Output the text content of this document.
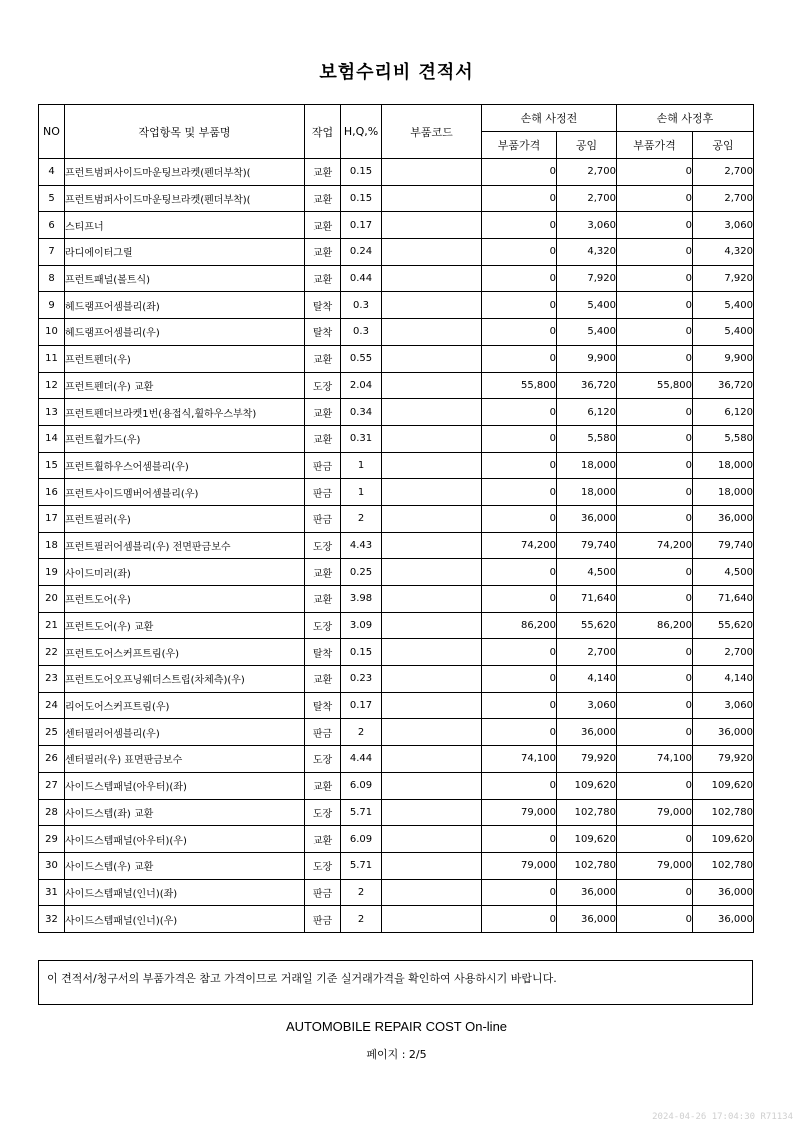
보험수리비 견적서
NO	작업항목 및 부품명	작업	H,Q,%	부품코드	손해 사정전		손해 사정후	
					부품가격	공임	부품가격	공임
4	프런트범퍼사이드마운팅브라켓(펜더부착)(	교환	0.15		0	2,700	0	2,700
5	프런트범퍼사이드마운팅브라켓(펜더부착)(	교환	0.15		0	2,700	0	2,700
6	스티프너	교환	0.17		0	3,060	0	3,060
7	라디에이터그릴	교환	0.24		0	4,320	0	4,320
8	프런트패널(볼트식)	교환	0.44		0	7,920	0	7,920
9	헤드램프어셈블리(좌)	탈착	0.3		0	5,400	0	5,400
10	헤드램프어셈블리(우)	탈착	0.3		0	5,400	0	5,400
11	프런트펜더(우)	교환	0.55		0	9,900	0	9,900
12	프런트펜더(우) 교환	도장	2.04		55,800	36,720	55,800	36,720
13	프런트펜더브라켓1번(용접식,휠하우스부착)	교환	0.34		0	6,120	0	6,120
14	프런트휠가드(우)	교환	0.31		0	5,580	0	5,580
15	프런트휠하우스어셈블리(우)	판금	1		0	18,000	0	18,000
16	프런트사이드멤버어셈블리(우)	판금	1		0	18,000	0	18,000
17	프런트필러(우)	판금	2		0	36,000	0	36,000
18	프런트필러어셈블리(우) 전면판금보수	도장	4.43		74,200	79,740	74,200	79,740
19	사이드미러(좌)	교환	0.25		0	4,500	0	4,500
20	프런트도어(우)	교환	3.98		0	71,640	0	71,640
21	프런트도어(우) 교환	도장	3.09		86,200	55,620	86,200	55,620
22	프런트도어스커프트림(우)	탈착	0.15		0	2,700	0	2,700
23	프런트도어오프닝웨더스트립(차체측)(우)	교환	0.23		0	4,140	0	4,140
24	리어도어스커프트림(우)	탈착	0.17		0	3,060	0	3,060
25	센터필러어셈블리(우)	판금	2		0	36,000	0	36,000
26	센터필러(우) 표면판금보수	도장	4.44		74,100	79,920	74,100	79,920
27	사이드스텝패널(아우터)(좌)	교환	6.09		0	109,620	0	109,620
28	사이드스텝(좌) 교환	도장	5.71		79,000	102,780	79,000	102,780
29	사이드스텝패널(아우터)(우)	교환	6.09		0	109,620	0	109,620
30	사이드스텝(우) 교환	도장	5.71		79,000	102,780	79,000	102,780
31	사이드스텝패널(인너)(좌)	판금	2		0	36,000	0	36,000
32	사이드스텝패널(인너)(우)	판금	2		0	36,000	0	36,000
이 견적서/청구서의 부품가격은 참고 가격이므로 거래일 기준 실거래가격을 확인하여 사용하시기 바랍니다.
AUTOMOBILE REPAIR COST On-line
페이지 : 2/5
2024-04-26 17:04:30 R71134
